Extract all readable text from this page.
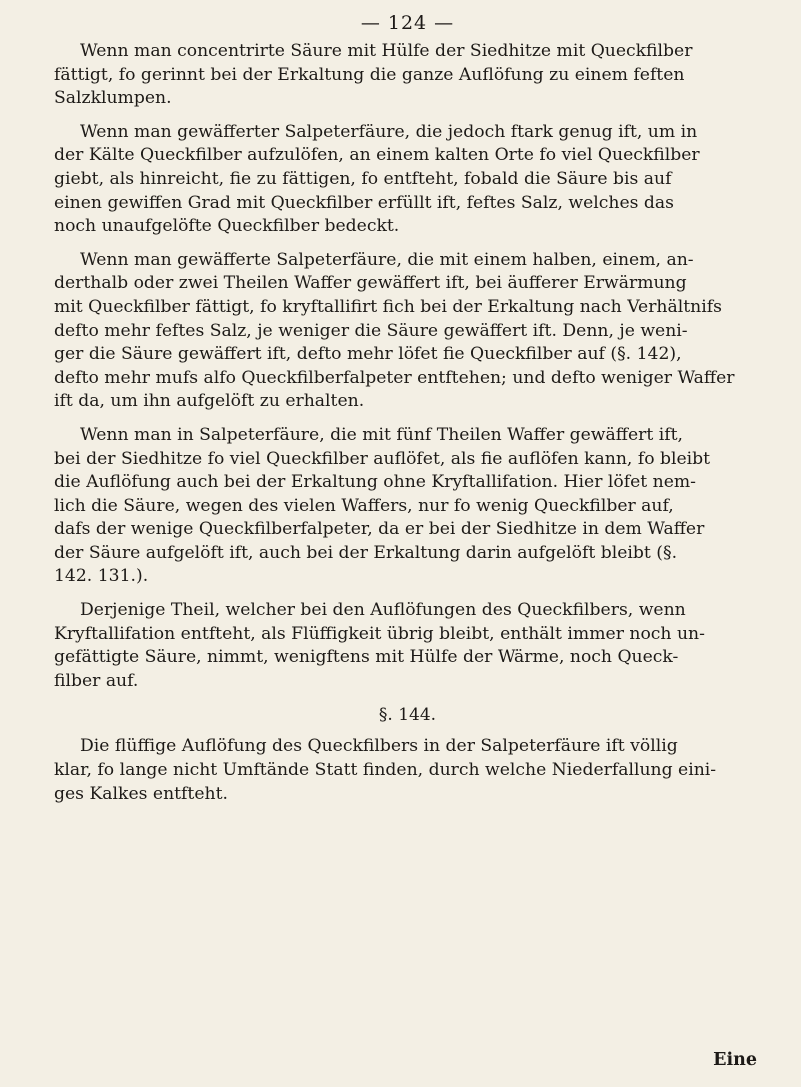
— 124 —
Wenn man concentrirte Säure mit Hülfe der Siedhitze mit Queckfilber
fättigt, fo gerinnt bei der Erkaltung die ganze Auflöfung zu einem feften
Salzklumpen.
Wenn man gewäfferter Salpeterfäure, die jedoch ftark genug ift, um in
der Kälte Queckfilber aufzulöfen, an einem kalten Orte fo viel Queckfilber
giebt, als hinreicht, fie zu fättigen, fo entfteht, fobald die Säure bis auf
einen gewiffen Grad mit Queckfilber erfüllt ift, feftes Salz, welches das
noch unaufgelöfte Queckfilber bedeckt.
Wenn man gewäfferte Salpeterfäure, die mit einem halben, einem, an-
derthalb oder zwei Theilen Waffer gewäffert ift, bei äufferer Erwärmung
mit Queckfilber fättigt, fo kryftallifirt fich bei der Erkaltung nach Verhältnifs
defto mehr feftes Salz, je weniger die Säure gewäffert ift. Denn, je weni-
ger die Säure gewäffert ift, defto mehr löfet fie Queckfilber auf (§. 142),
defto mehr mufs alfo Queckfilberfalpeter entftehen; und defto weniger Waffer
ift da, um ihn aufgelöft zu erhalten.
Wenn man in Salpeterfäure, die mit fünf Theilen Waffer gewäffert ift,
bei der Siedhitze fo viel Queckfilber auflöfet, als fie auflöfen kann, fo bleibt
die Auflöfung auch bei der Erkaltung ohne Kryftallifation. Hier löfet nem-
lich die Säure, wegen des vielen Waffers, nur fo wenig Queckfilber auf,
dafs der wenige Queckfilberfalpeter, da er bei der Siedhitze in dem Waffer
der Säure aufgelöft ift, auch bei der Erkaltung darin aufgelöft bleibt (§.
142. 131.).
Derjenige Theil, welcher bei den Auflöfungen des Queckfilbers, wenn
Kryftallifation entfteht, als Flüffigkeit übrig bleibt, enthält immer noch un-
gefättigte Säure, nimmt, wenigftens mit Hülfe der Wärme, noch Queck-
filber auf.
§. 144.
Die flüffige Auflöfung des Queckfilbers in der Salpeterfäure ift völlig
klar, fo lange nicht Umftände Statt finden, durch welche Niederfallung eini-
ges Kalkes entfteht.
Eine
